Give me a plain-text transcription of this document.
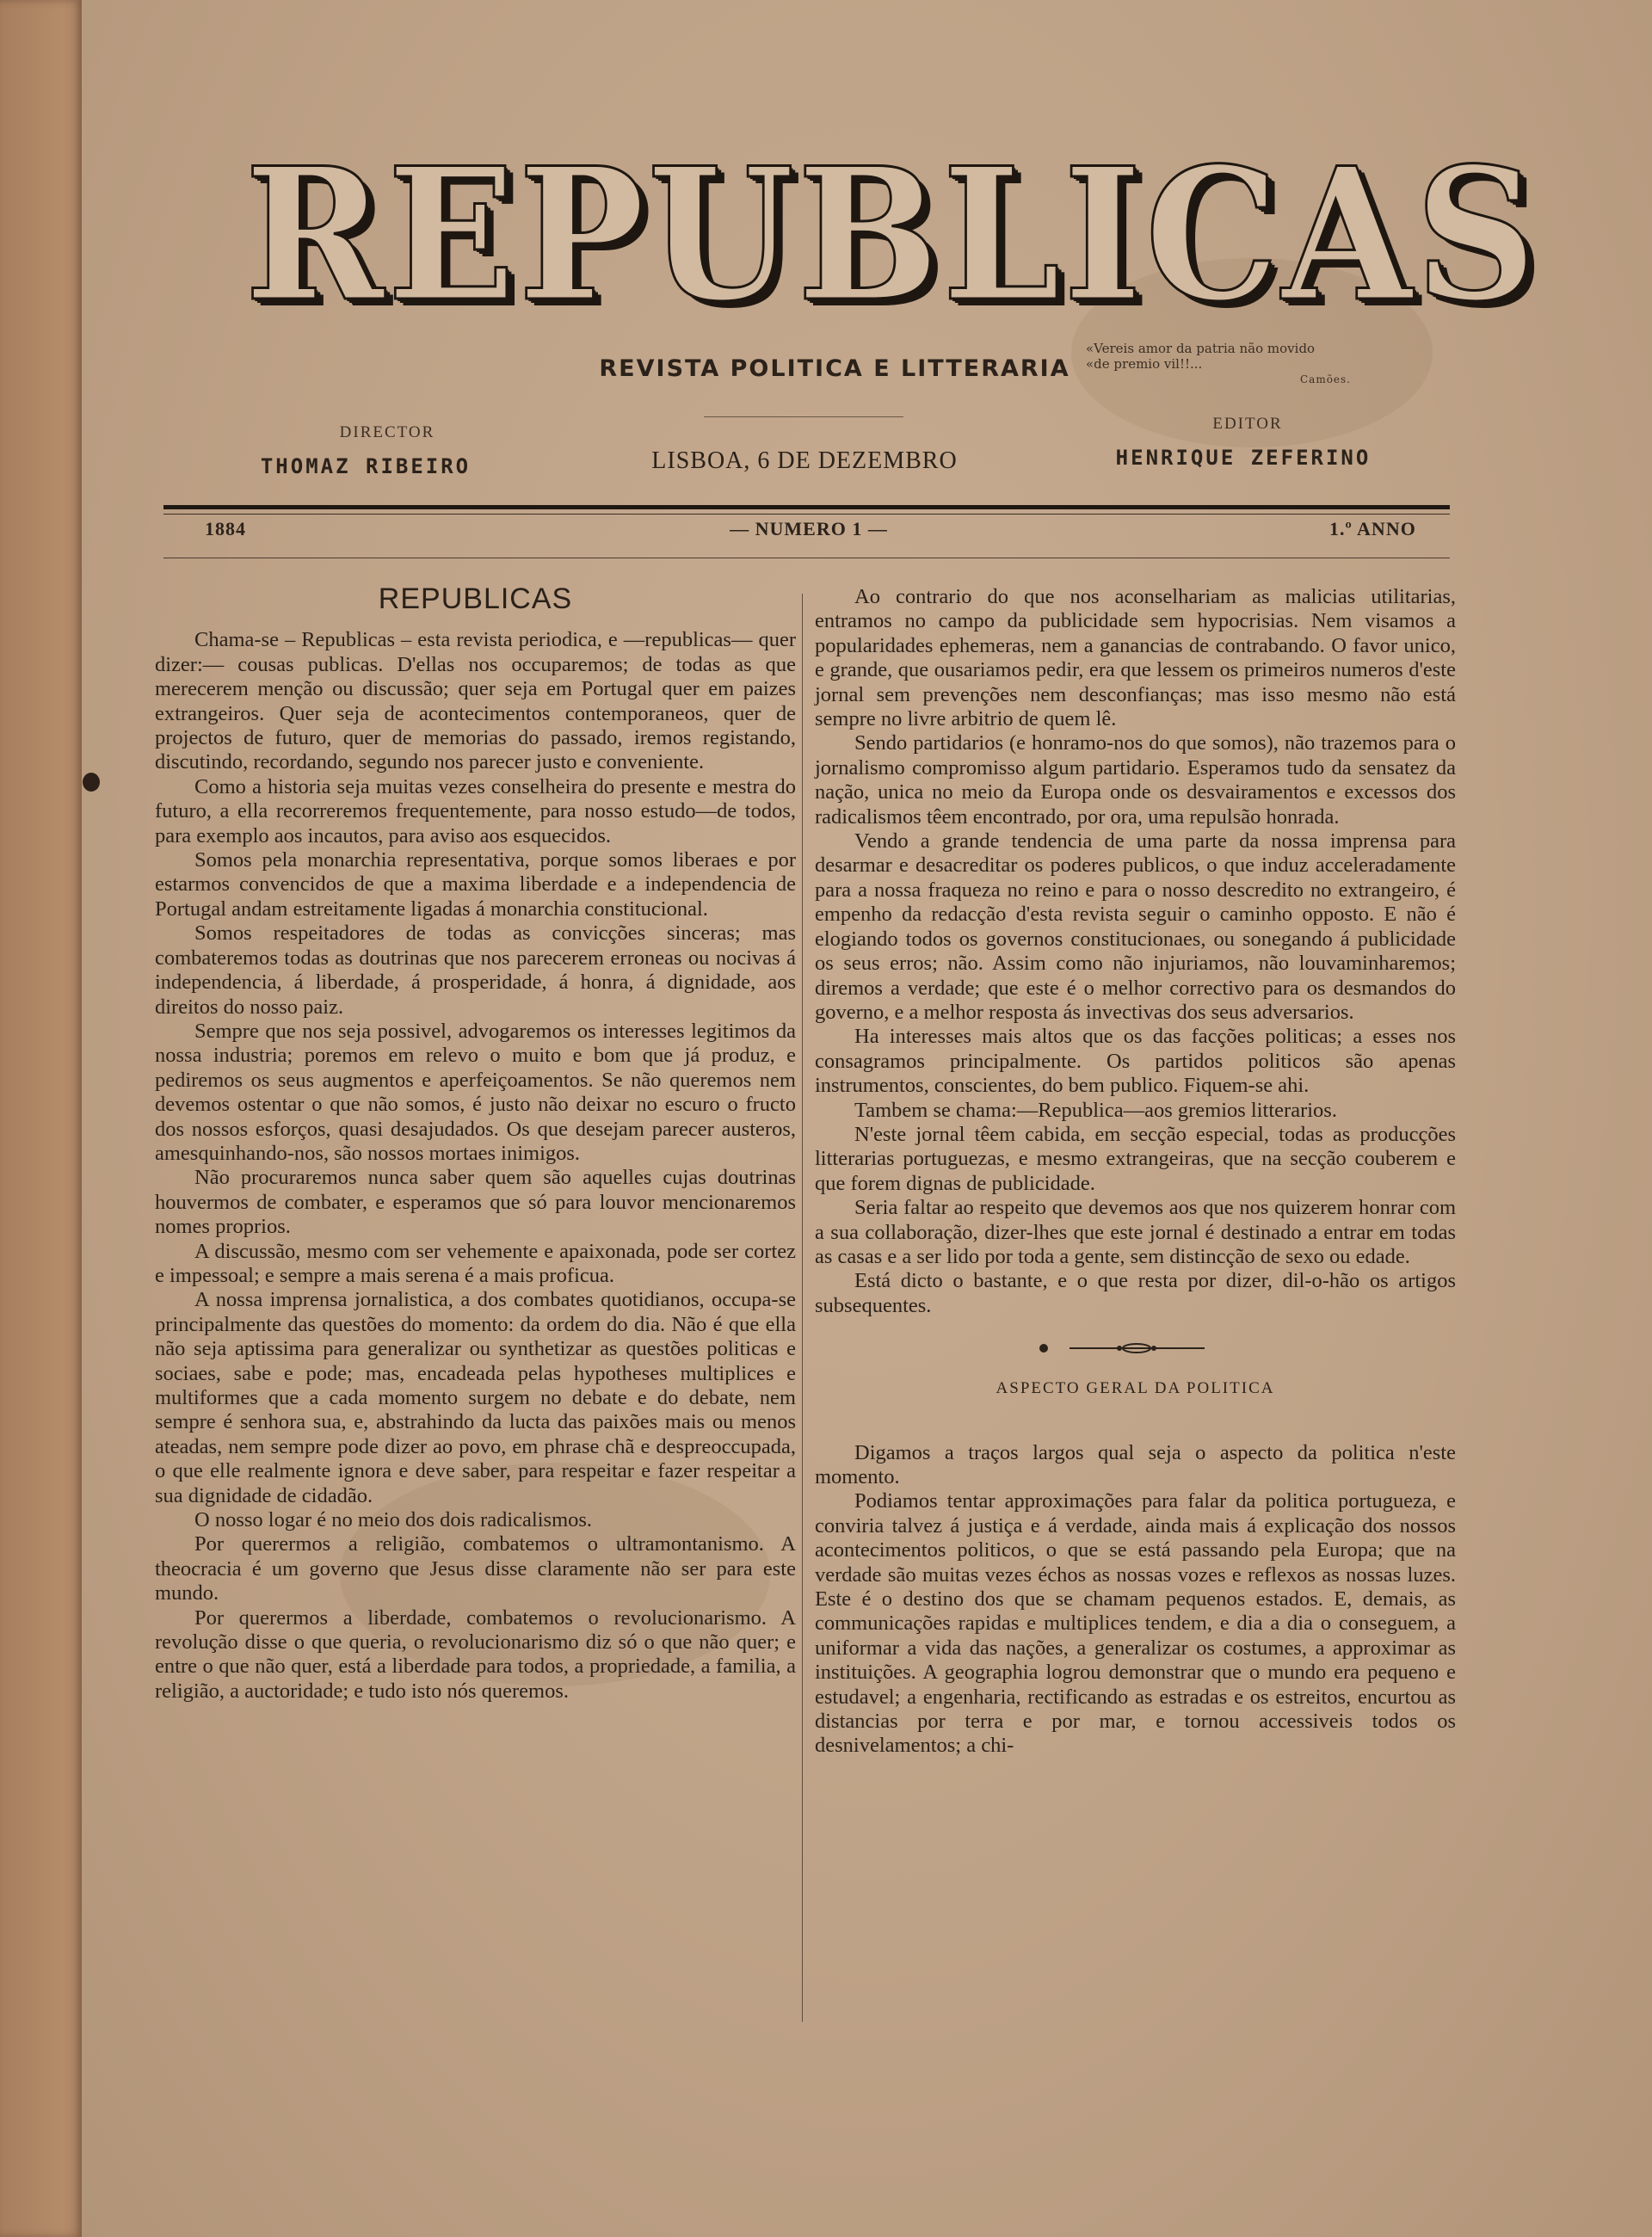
REPUBLICAS
REVISTA POLITICA E LITTERARIA
«Vereis amor da patria não movido
«de premio vil!!...
Camões.
DIRECTOR
THOMAZ RIBEIRO	LISBOA, 6 DE DEZEMBRO
EDITOR
HENRIQUE ZEFERINO
1884	— NUMERO 1 —	1.º ANNO
REPUBLICAS

Chama-se – Republicas – esta revista periodica, e —republicas— quer dizer:— cousas publicas. D'ellas nos occuparemos; de todas as que merecerem menção ou discussão; quer seja em Portugal quer em paizes extrangeiros. Quer seja de acontecimentos contemporaneos, quer de projectos de futuro, quer de memorias do passado, iremos registando, discutindo, recordando, segundo nos parecer justo e conveniente.

Como a historia seja muitas vezes conselheira do presente e mestra do futuro, a ella recorreremos frequentemente, para nosso estudo—de todos, para exemplo aos incautos, para aviso aos esquecidos.

Somos pela monarchia representativa, porque somos liberaes e por estarmos convencidos de que a maxima liberdade e a independencia de Portugal andam estreitamente ligadas á monarchia constitucional.

Somos respeitadores de todas as convicções sinceras; mas combateremos todas as doutrinas que nos parecerem erroneas ou nocivas á independencia, á liberdade, á prosperidade, á honra, á dignidade, aos direitos do nosso paiz.

Sempre que nos seja possivel, advogaremos os interesses legitimos da nossa industria; poremos em relevo o muito e bom que já produz, e pediremos os seus augmentos e aperfeiçoamentos. Se não queremos nem devemos ostentar o que não somos, é justo não deixar no escuro o fructo dos nossos esforços, quasi desajudados. Os que desejam parecer austeros, amesquinhando-nos, são nossos mortaes inimigos.

Não procuraremos nunca saber quem são aquelles cujas doutrinas houvermos de combater, e esperamos que só para louvor mencionaremos nomes proprios.

A discussão, mesmo com ser vehemente e apaixonada, pode ser cortez e impessoal; e sempre a mais serena é a mais proficua.

A nossa imprensa jornalistica, a dos combates quotidianos, occupa-se principalmente das questões do momento: da ordem do dia. Não é que ella não seja aptissima para generalizar ou synthetizar as questões politicas e sociaes, sabe e pode; mas, encadeada pelas hypotheses multiplices e multiformes que a cada momento surgem no debate e do debate, nem sempre é senhora sua, e, abstrahindo da lucta das paixões mais ou menos ateadas, nem sempre pode dizer ao povo, em phrase chã e despreoccupada, o que elle realmente ignora e deve saber, para respeitar e fazer respeitar a sua dignidade de cidadão.

O nosso logar é no meio dos dois radicalismos.

Por querermos a religião, combatemos o ultramontanismo. A theocracia é um governo que Jesus disse claramente não ser para este mundo.

Por querermos a liberdade, combatemos o revolucionarismo. A revolução disse o que queria, o revolucionarismo diz só o que não quer; e entre o que não quer, está a liberdade para todos, a propriedade, a familia, a religião, a auctoridade; e tudo isto nós queremos.

Ao contrario do que nos aconselhariam as malicias utilitarias, entramos no campo da publicidade sem hypocrisias. Nem visamos a popularidades ephemeras, nem a ganancias de contrabando. O favor unico, e grande, que ousariamos pedir, era que lessem os primeiros numeros d'este jornal sem prevenções nem desconfianças; mas isso mesmo não está sempre no livre arbitrio de quem lê.

Sendo partidarios (e honramo-nos do que somos), não trazemos para o jornalismo compromisso algum partidario. Esperamos tudo da sensatez da nação, unica no meio da Europa onde os desvairamentos e excessos dos radicalismos têem encontrado, por ora, uma repulsão honrada.

Vendo a grande tendencia de uma parte da nossa imprensa para desarmar e desacreditar os poderes publicos, o que induz acceleradamente para a nossa fraqueza no reino e para o nosso descredito no extrangeiro, é empenho da redacção d'esta revista seguir o caminho opposto. E não é elogiando todos os governos constitucionaes, ou sonegando á publicidade os seus erros; não. Assim como não injuriamos, não louvaminharemos; diremos a verdade; que este é o melhor correctivo para os desmandos do governo, e a melhor resposta ás invectivas dos seus adversarios.

Ha interesses mais altos que os das facções politicas; a esses nos consagramos principalmente. Os partidos politicos são apenas instrumentos, conscientes, do bem publico. Fiquem-se ahi.

Tambem se chama:—Republica—aos gremios litterarios.

N'este jornal têem cabida, em secção especial, todas as producções litterarias portuguezas, e mesmo extrangeiras, que na secção couberem e que forem dignas de publicidade.

Seria faltar ao respeito que devemos aos que nos quizerem honrar com a sua collaboração, dizer-lhes que este jornal é destinado a entrar em todas as casas e a ser lido por toda a gente, sem distincção de sexo ou edade.

Está dicto o bastante, e o que resta por dizer, dil-o-hão os artigos subsequentes.

ASPECTO GERAL DA POLITICA

Digamos a traços largos qual seja o aspecto da politica n'este momento.

Podiamos tentar approximações para falar da politica portugueza, e conviria talvez á justiça e á verdade, ainda mais á explicação dos nossos acontecimentos politicos, o que se está passando pela Europa; que na verdade são muitas vezes échos as nossas vozes e reflexos as nossas luzes. Este é o destino dos que se chamam pequenos estados. E, demais, as communicações rapidas e multiplices tendem, e dia a dia o conseguem, a uniformar a vida das nações, a generalizar os costumes, a approximar as instituições. A geographia logrou demonstrar que o mundo era pequeno e estudavel; a engenharia, rectificando as estradas e os estreitos, encurtou as distancias por terra e por mar, e tornou accessiveis todos os desnivelamentos; a chi-
